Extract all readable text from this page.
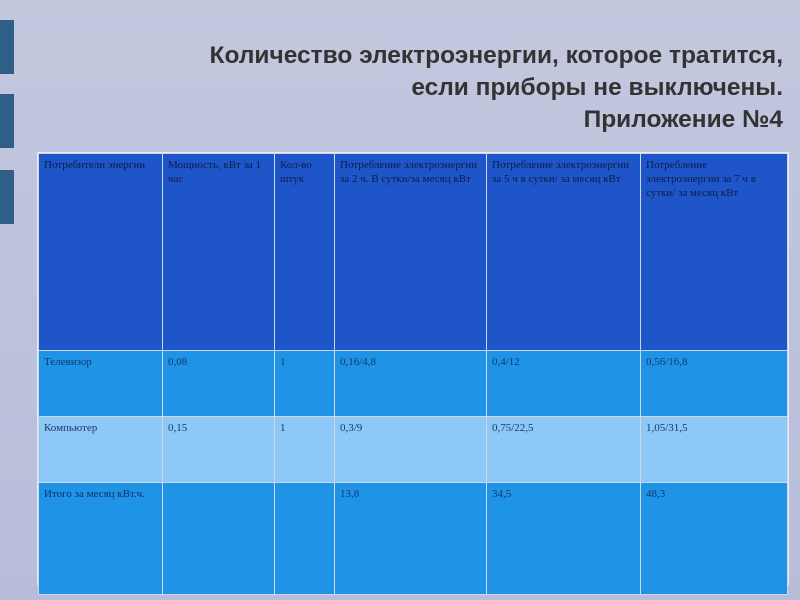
Количество электроэнергии, которое тратится,
если приборы не выключены.
Приложение №4
Потребители энергии	Мощность, кВт за 1 час	Кол-во штук	Потребление электроэнергии за 2 ч. В сутки/за месяц кВт	Потребление электроэнергии за 5 ч в сутки/ за месяц кВт	Потребление электроэнергии за 7 ч в сутки/ за месяц кВт
Телевизор	0,08	1	0,16/4,8	0,4/12	0,56/16,8
Компьютер	0,15	1	0,3/9	0,75/22,5	1,05/31,5
Итого за месяц кВт.ч.			13,8	34,5	48,3
